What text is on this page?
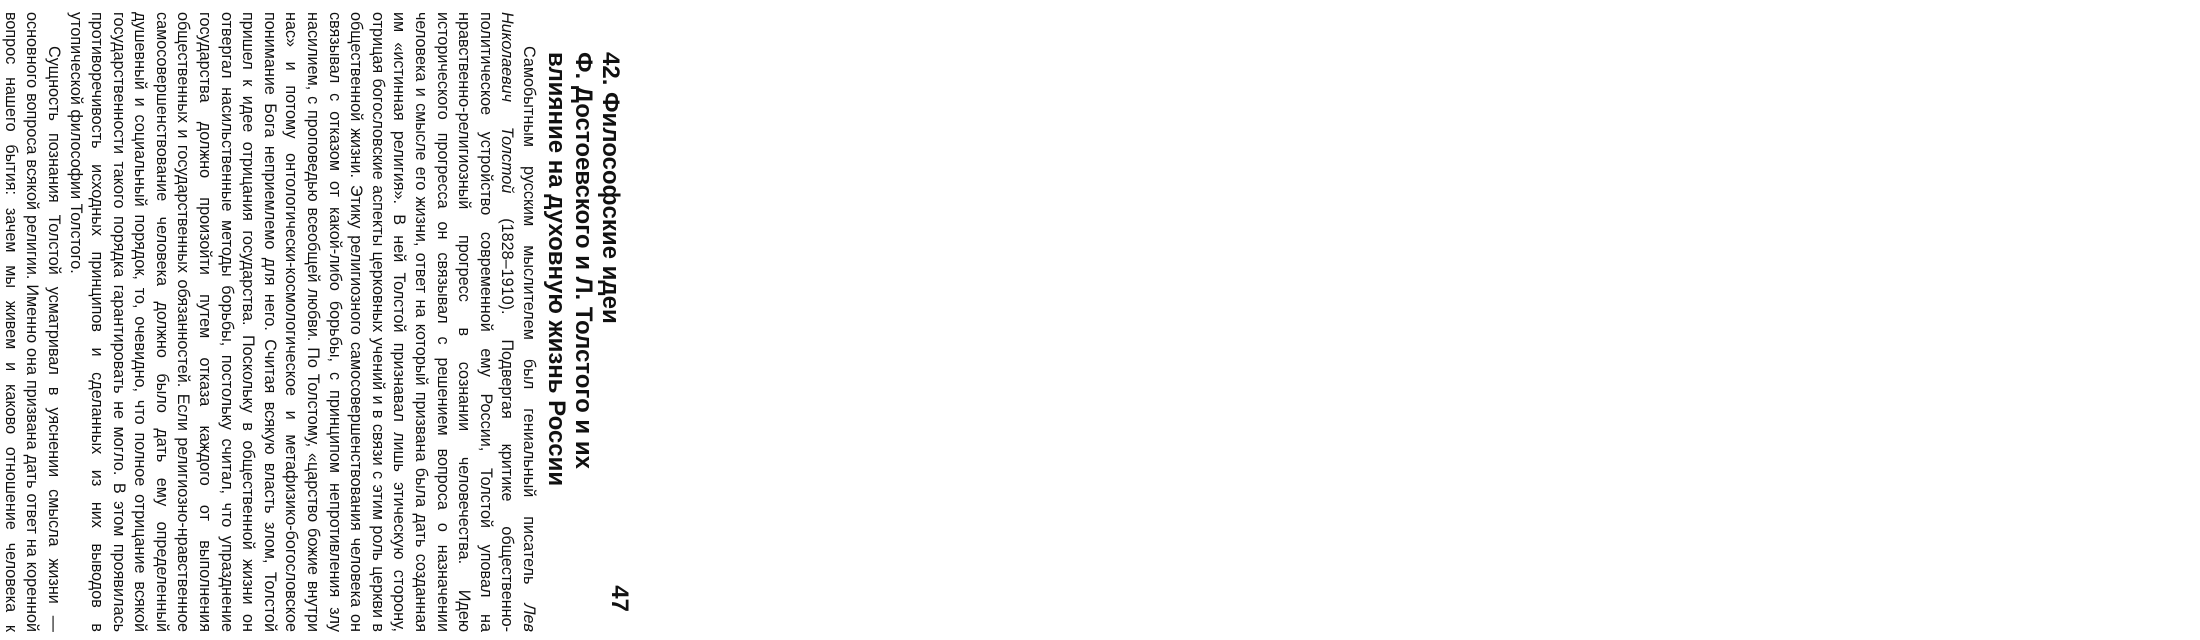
47
42. Философские идеи
Ф. Достоевского и Л. Толстого и их
влияние на духовную жизнь России

Самобытным русским мыслителем был гениальный писатель Лев Николаевич Толстой (1828–1910). Подвергая критике общественно-политическое устройство современной ему России, Толстой уповал на нравственно-религиозный прогресс в сознании человечества. Идею исторического прогресса он связывал с решением вопроса о назначении человека и смысле его жизни, ответ на который призвана была дать созданная им «истинная религия». В ней Толстой признавал лишь этическую сторону, отрицая богословские аспекты церковных учений и в связи с этим роль церкви в общественной жизни. Этику религиозного самосовершенствования человека он связывал с отказом от какой-либо борьбы, с принципом непротивления злу насилием, с проповедью всеобщей любви. По Толстому, «царство божие внутри нас» и потому онтологически-космологическое и метафизико-богословское понимание Бога неприемлемо для него. Считая всякую власть злом, Толстой пришел к идее отрицания государства. Поскольку в общественной жизни он отвергал насильственные методы борьбы, постольку считал, что упразднение государства должно произойти путем отказа каждого от выполнения общественных и государственных обязанностей. Если религиозно-нравственное самосовершенствование человека должно было дать ему определенный душевный и социальный порядок, то, очевидно, что полное отрицание всякой государственности такого порядка гарантировать не могло. В этом проявилась противоречивость исходных принципов и сделанных из них выводов в утопической философии Толстого.

Сущность познания Толстой усматривал в уяснении смысла жизни — основного вопроса всякой религии. Именно она призвана дать ответ на коренной вопрос нашего бытия: зачем мы живем и каково отношение человека к
